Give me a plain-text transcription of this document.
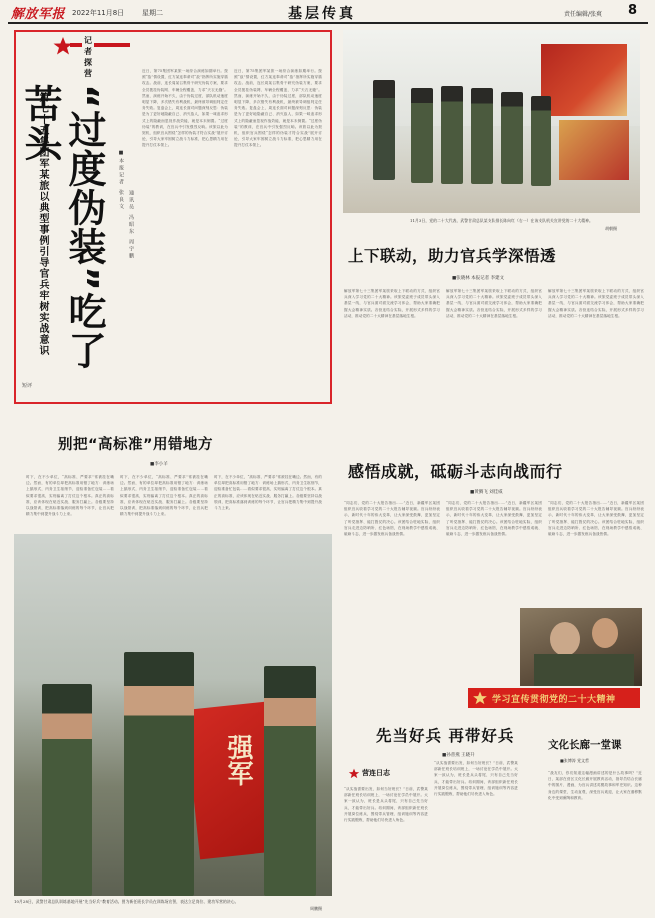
解放军报 2022年11月8日	星期二	基层传真	责任编辑/张爽 8
记者探营
第七十五集团军某旅以典型事例引导官兵牢树实战意识 “过度伪装”吃了苦头
■本报记者 张良文
通讯员 冯昭东 周宇鹏
短评
近日，第75集团军某旅一场综合演练如期举行。按照“敌”情设置，红方某连奉命对“敌”指挥所实施穿插攻击。战前，连长周某召集骨干研究伪装方案，要求全员披挂伪装网、车辆全程覆盖，力求“天衣无缝”。然而，演练开始不久，由于伪装过度，部队机动速度明显下降，多次错失有利战机，最终被导调组判定任务失败。复盘会上，周连长面对问题深刻反思：伪装是为了更好地隐蔽自己、消灭敌人，如果一味追求形式上的隐蔽而忽视作战效能，就是本末倒置。“过度伪装”的教训，在官兵中引发强烈反响。该旅以此为契机，组织官兵围绕“怎样的伪装才符合实战”展开讨论，引导大家牢固树立战斗力标准，把心思精力用在提升打仗本领上。
近日，第75集团军某旅一场综合演练如期举行。按照“敌”情设置，红方某连奉命对“敌”指挥所实施穿插攻击。战前，连长周某召集骨干研究伪装方案，要求全员披挂伪装网、车辆全程覆盖，力求“天衣无缝”。然而，演练开始不久，由于伪装过度，部队机动速度明显下降，多次错失有利战机，最终被导调组判定任务失败。复盘会上，周连长面对问题深刻反思：伪装是为了更好地隐蔽自己、消灭敌人，如果一味追求形式上的隐蔽而忽视作战效能，就是本末倒置。“过度伪装”的教训，在官兵中引发强烈反响。该旅以此为契机，组织官兵围绕“怎样的伪装才符合实战”展开讨论，引导大家牢固树立战斗力标准，把心思精力用在提升打仗本领上。
别把“高标准”用错地方
■李小羊
时下，在不少单位，“高标准、严要求”常被挂在嘴边。然而，有的单位却把高标准用错了地方：训练场上搞形式，内务卫生抠细节，迎检准备忙包装……看似要求很高，实则偏离了打仗这个根本。真正的高标准，应该体现在贴近实战、服务打赢上。各级要坚持以战领训，把高标准落到训练的每个环节，让官兵把精力集中到提升战斗力上来。
时下，在不少单位，“高标准、严要求”常被挂在嘴边。然而，有的单位却把高标准用错了地方：训练场上搞形式，内务卫生抠细节，迎检准备忙包装……看似要求很高，实则偏离了打仗这个根本。真正的高标准，应该体现在贴近实战、服务打赢上。各级要坚持以战领训，把高标准落到训练的每个环节，让官兵把精力集中到提升战斗力上来。
时下，在不少单位，“高标准、严要求”常被挂在嘴边。然而，有的单位却把高标准用错了地方：训练场上搞形式，内务卫生抠细节，迎检准备忙包装……看似要求很高，实则偏离了打仗这个根本。真正的高标准，应该体现在贴近实战、服务打赢上。各级要坚持以战领训，把高标准落到训练的每个环节，让官兵把精力集中到提升战斗力上来。
11月3日，党的二十大代表、武警甘肃总队某支队排长陈向红（右一）在该支队机关宣讲党的二十大精神。
胡朝摄
上下联动，助力官兵学深悟透
■张晓林 本报记者 李建文
解放军第七十三集团军某旅采取上下联动的方式，组织官兵深入学习党的二十大精神。该旅党委班子成员带头深入基层一线，与官兵面对面交流学习体会，帮助大家准确把握大会精神实质。各营连结合实际，开展形式多样的学习活动，推动党的二十大精神在基层落地生根。
解放军第七十三集团军某旅采取上下联动的方式，组织官兵深入学习党的二十大精神。该旅党委班子成员带头深入基层一线，与官兵面对面交流学习体会，帮助大家准确把握大会精神实质。各营连结合实际，开展形式多样的学习活动，推动党的二十大精神在基层落地生根。
解放军第七十三集团军某旅采取上下联动的方式，组织官兵深入学习党的二十大精神。该旅党委班子成员带头深入基层一线，与官兵面对面交流学习体会，帮助大家准确把握大会精神实质。各营连结合实际，开展形式多样的学习活动，推动党的二十大精神在基层落地生根。
感悟成就，砥砺斗志向战而行
■黄腾飞 刘佳威
“同志们，党的二十大报告指出……”近日，新疆军区某团组织官兵收看学习党的二十大报告辅导视频。官兵纷纷表示，新时代十年的伟大变革，让大家深受鼓舞，更加坚定了听党指挥、能打胜仗的决心。该团结合驻地实际，组织官兵走进边防哨所、红色场馆，在现场教学中感悟成就、砥砺斗志，进一步激发练兵备战热情。
“同志们，党的二十大报告指出……”近日，新疆军区某团组织官兵收看学习党的二十大报告辅导视频。官兵纷纷表示，新时代十年的伟大变革，让大家深受鼓舞，更加坚定了听党指挥、能打胜仗的决心。该团结合驻地实际，组织官兵走进边防哨所、红色场馆，在现场教学中感悟成就、砥砺斗志，进一步激发练兵备战热情。
“同志们，党的二十大报告指出……”近日，新疆军区某团组织官兵收看学习党的二十大报告辅导视频。官兵纷纷表示，新时代十年的伟大变革，让大家深受鼓舞，更加坚定了听党指挥、能打胜仗的决心。该团结合驻地实际，组织官兵走进边防哨所、红色场馆，在现场教学中感悟成就、砥砺斗志，进一步激发练兵备战热情。
学习宣传贯彻党的二十大精神
先当好兵 再带好兵
■孙普燕 王晓升
营连日志
“从实战需要出发，如何当好班长？”日前，武警某部新任班长培训班上，一场讨论在学员中展开。大家一致认为，班长是兵头将尾，只有自己先当好兵，才能带出好兵。培训期间，该部组织新任班长开展岗位练兵，围绕带兵管理、组训施训等内容进行实践锻炼，帮助他们尽快进入角色。
“从实战需要出发，如何当好班长？”日前，武警某部新任班长培训班上，一场讨论在学员中展开。大家一致认为，班长是兵头将尾，只有自己先当好兵，才能带出好兵。培训期间，该部组织新任班长开展岗位练兵，围绕带兵管理、组训施训等内容进行实践锻炼，帮助他们尽快进入角色。
文化长廊一堂课
■张博涛 党文哲
“战友们，你们知道这幅漫画讲述的是什么故事吗？”近日，某部在营区文化长廊开展教育活动，指导员结合长廊中的图片、漫画，为官兵讲述英模故事和军史知识。这种身边的课堂，生动直观，深受官兵欢迎，让大家在潜移默化中受到熏陶和教育。
强军
10月28日，武警甘肃总队训练基地开展“先当好兵”教育活动。图为新任班长学员在训练场宣誓，表达立足岗位、建功军营的决心。
周鹏摄
